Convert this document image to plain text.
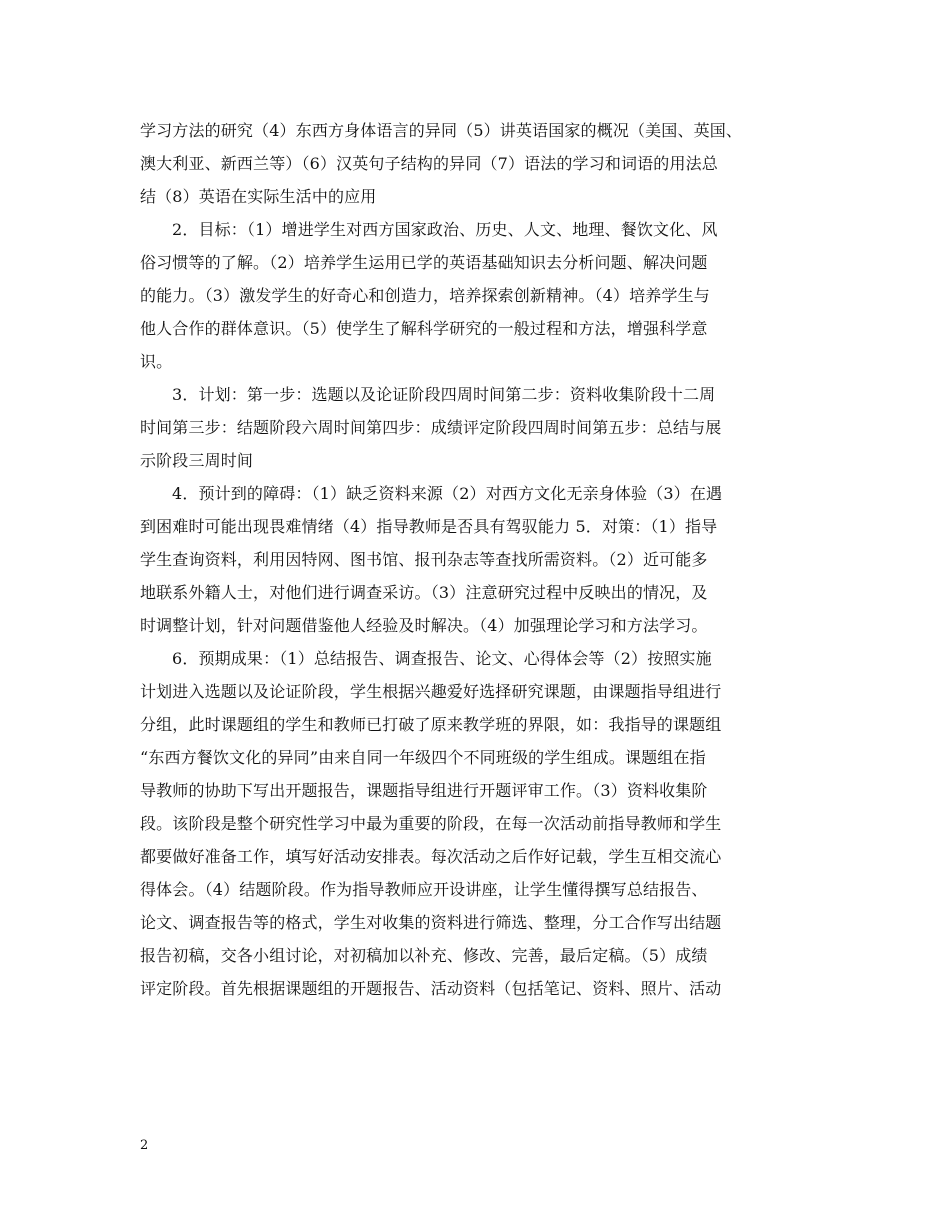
学习方法的研究（4）东西方身体语言的异同（5）讲英语国家的概况（美国、英国、
澳大利亚、新西兰等）（6）汉英句子结构的异同（7）语法的学习和词语的用法总
结（8）英语在实际生活中的应用
2．目标：（1）增进学生对西方国家政治、历史、人文、地理、餐饮文化、风
俗习惯等的了解。（2）培养学生运用已学的英语基础知识去分析问题、解决问题
的能力。（3）激发学生的好奇心和创造力，培养探索创新精神。（4）培养学生与
他人合作的群体意识。（5）使学生了解科学研究的一般过程和方法，增强科学意
识。
3．计划：第一步：选题以及论证阶段四周时间第二步：资料收集阶段十二周
时间第三步：结题阶段六周时间第四步：成绩评定阶段四周时间第五步：总结与展
示阶段三周时间
4．预计到的障碍：（1）缺乏资料来源（2）对西方文化无亲身体验（3）在遇
到困难时可能出现畏难情绪（4）指导教师是否具有驾驭能力 5．对策：（1）指导
学生查询资料，利用因特网、图书馆、报刊杂志等查找所需资料。（2）近可能多
地联系外籍人士，对他们进行调查采访。（3）注意研究过程中反映出的情况，及
时调整计划，针对问题借鉴他人经验及时解决。（4）加强理论学习和方法学习。
6．预期成果：（1）总结报告、调查报告、论文、心得体会等（2）按照实施
计划进入选题以及论证阶段，学生根据兴趣爱好选择研究课题，由课题指导组进行
分组，此时课题组的学生和教师已打破了原来教学班的界限，如：我指导的课题组
“东西方餐饮文化的异同”由来自同一年级四个不同班级的学生组成。课题组在指
导教师的协助下写出开题报告，课题指导组进行开题评审工作。（3）资料收集阶
段。该阶段是整个研究性学习中最为重要的阶段，在每一次活动前指导教师和学生
都要做好准备工作，填写好活动安排表。每次活动之后作好记载，学生互相交流心
得体会。（4）结题阶段。作为指导教师应开设讲座，让学生懂得撰写总结报告、
论文、调查报告等的格式，学生对收集的资料进行筛选、整理，分工合作写出结题
报告初稿，交各小组讨论，对初稿加以补充、修改、完善，最后定稿。（5）成绩
评定阶段。首先根据课题组的开题报告、活动资料（包括笔记、资料、照片、活动
2
